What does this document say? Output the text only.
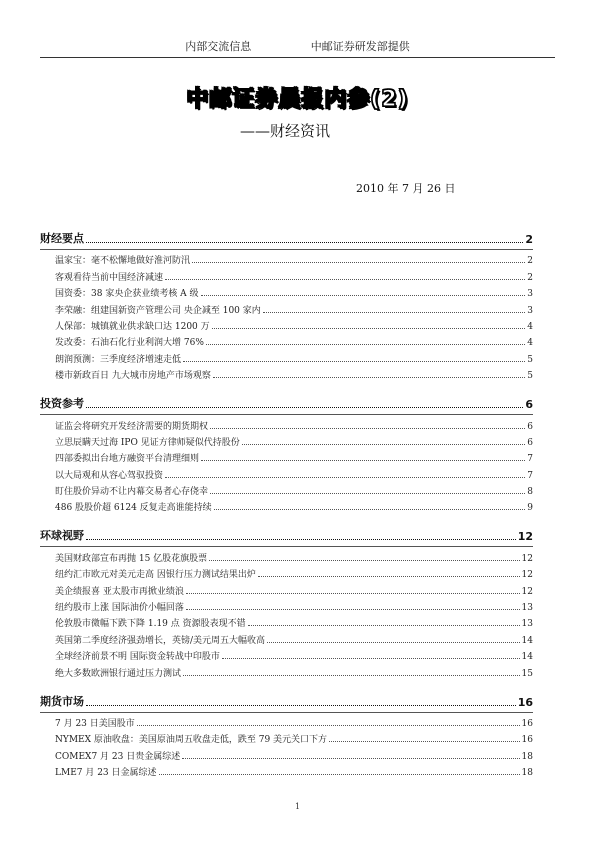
内部交流信息	中邮证券研发部提供
中邮证券晨报内参(2)
——财经资讯
2010 年 7 月 26 日
财经要点	2
温家宝：毫不松懈地做好淮河防汛	2
客观看待当前中国经济减速	2
国资委：38 家央企获业绩考核 A 级	3
李荣融：组建国新资产管理公司 央企减至 100 家内	3
人保部：城镇就业供求缺口达 1200 万	4
发改委：石油石化行业利润大增 76%	4
朗润预测：三季度经济增速走低	5
楼市新政百日 九大城市房地产市场观察	5
投资参考	6
证监会将研究开发经济需要的期货期权	6
立思辰瞒天过海 IPO 见证方律师疑似代持股份	6
四部委拟出台地方融资平台清理细则	7
以大局观和从容心驾驭投资	7
盯住股价异动不让内幕交易者心存侥幸	8
486 股股价超 6124 反复走高谁能持续	9
环球视野	12
美国财政部宣布再抛 15 亿股花旗股票	12
纽约汇市欧元对美元走高 因银行压力测试结果出炉	12
美企绩报喜 亚太股市再掀业绩浪	12
纽约股市上涨 国际油价小幅回落	13
伦敦股市微幅下跌下降 1.19 点 资源股表现不错	13
英国第二季度经济强劲增长，英镑/美元周五大幅收高	14
全球经济前景不明 国际资金转战中印股市	14
绝大多数欧洲银行通过压力测试	15
期货市场	16
7 月 23 日美国股市	16
NYMEX 原油收盘：美国原油周五收盘走低，跌至 79 美元关口下方	16
COMEX7 月 23 日贵金属综述	18
LME7 月 23 日金属综述	18
1
